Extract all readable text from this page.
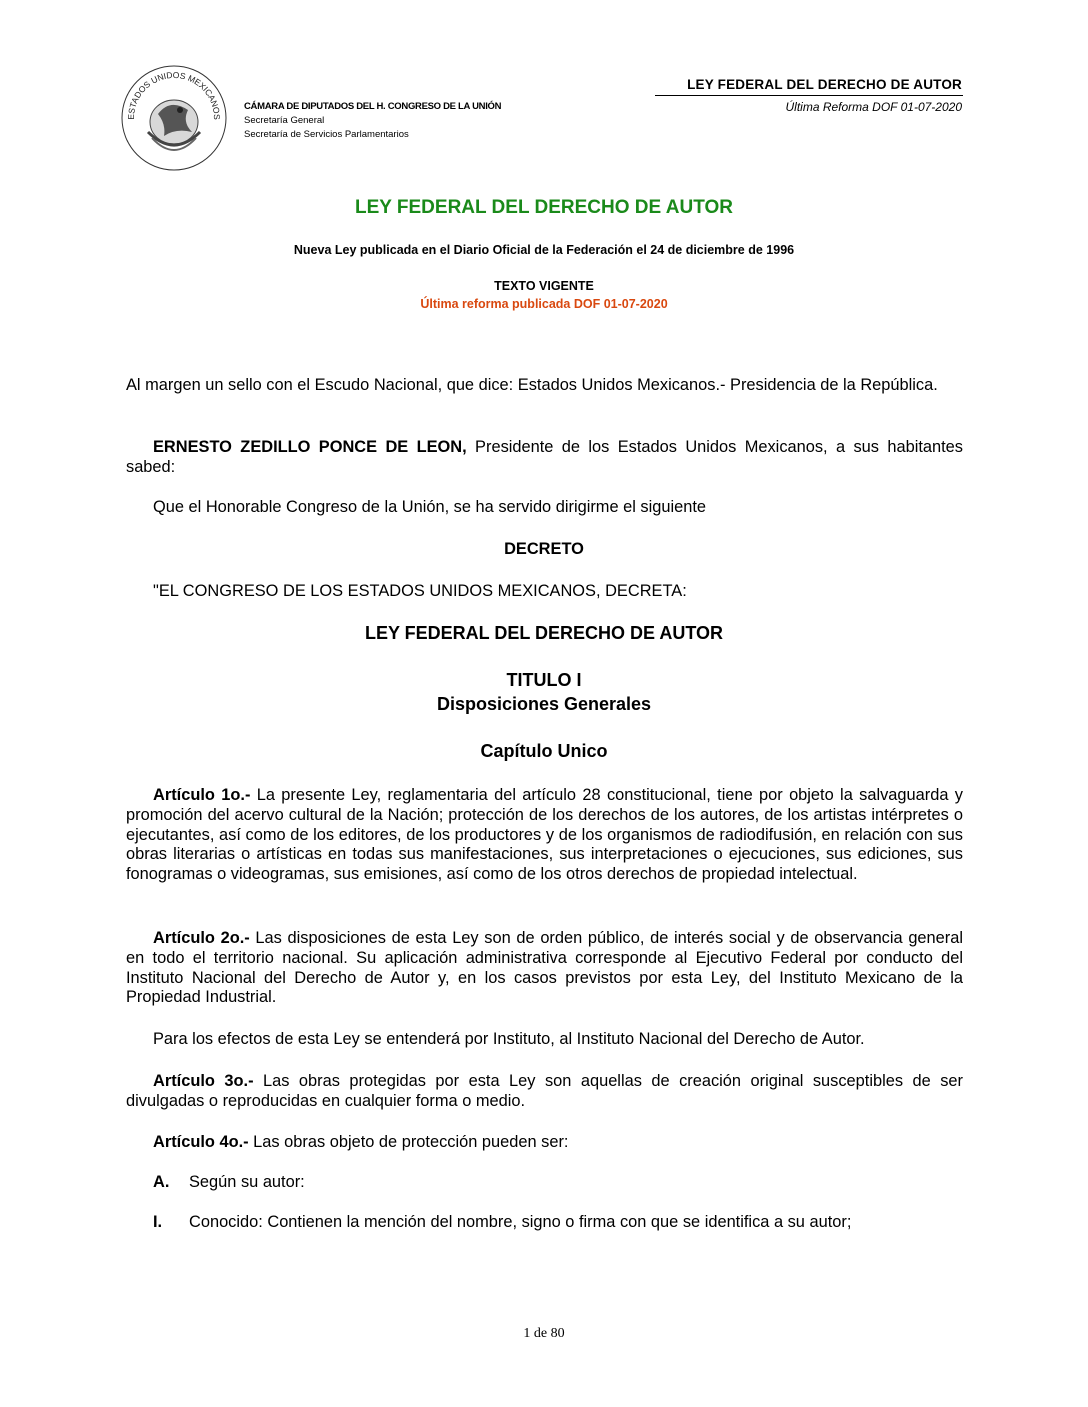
ESTADOS UNIDOS MEXICANOS
LEY FEDERAL DEL DERECHO DE AUTOR
Última Reforma DOF 01-07-2020
CÁMARA DE DIPUTADOS DEL H. CONGRESO DE LA UNIÓN
Secretaría General
Secretaría de Servicios Parlamentarios
LEY FEDERAL DEL DERECHO DE AUTOR
Nueva Ley publicada en el Diario Oficial de la Federación el 24 de diciembre de 1996
TEXTO VIGENTE
Última reforma publicada DOF 01-07-2020
Al margen un sello con el Escudo Nacional, que dice: Estados Unidos Mexicanos.- Presidencia de la República.
ERNESTO ZEDILLO PONCE DE LEON, Presidente de los Estados Unidos Mexicanos, a sus habitantes sabed:
Que el Honorable Congreso de la Unión, se ha servido dirigirme el siguiente
DECRETO
"EL CONGRESO DE LOS ESTADOS UNIDOS MEXICANOS, DECRETA:
LEY FEDERAL DEL DERECHO DE AUTOR
TITULO I
Disposiciones Generales
Capítulo Unico
Artículo 1o.- La presente Ley, reglamentaria del artículo 28 constitucional, tiene por objeto la salvaguarda y promoción del acervo cultural de la Nación; protección de los derechos de los autores, de los artistas intérpretes o ejecutantes, así como de los editores, de los productores y de los organismos de radiodifusión, en relación con sus obras literarias o artísticas en todas sus manifestaciones, sus interpretaciones o ejecuciones, sus ediciones, sus fonogramas o videogramas, sus emisiones, así como de los otros derechos de propiedad intelectual.
Artículo 2o.- Las disposiciones de esta Ley son de orden público, de interés social y de observancia general en todo el territorio nacional. Su aplicación administrativa corresponde al Ejecutivo Federal por conducto del Instituto Nacional del Derecho de Autor y, en los casos previstos por esta Ley, del Instituto Mexicano de la Propiedad Industrial.
Para los efectos de esta Ley se entenderá por Instituto, al Instituto Nacional del Derecho de Autor.
Artículo 3o.- Las obras protegidas por esta Ley son aquellas de creación original susceptibles de ser divulgadas o reproducidas en cualquier forma o medio.
Artículo 4o.- Las obras objeto de protección pueden ser:
A. Según su autor:
I. Conocido: Contienen la mención del nombre, signo o firma con que se identifica a su autor;
1 de 80
